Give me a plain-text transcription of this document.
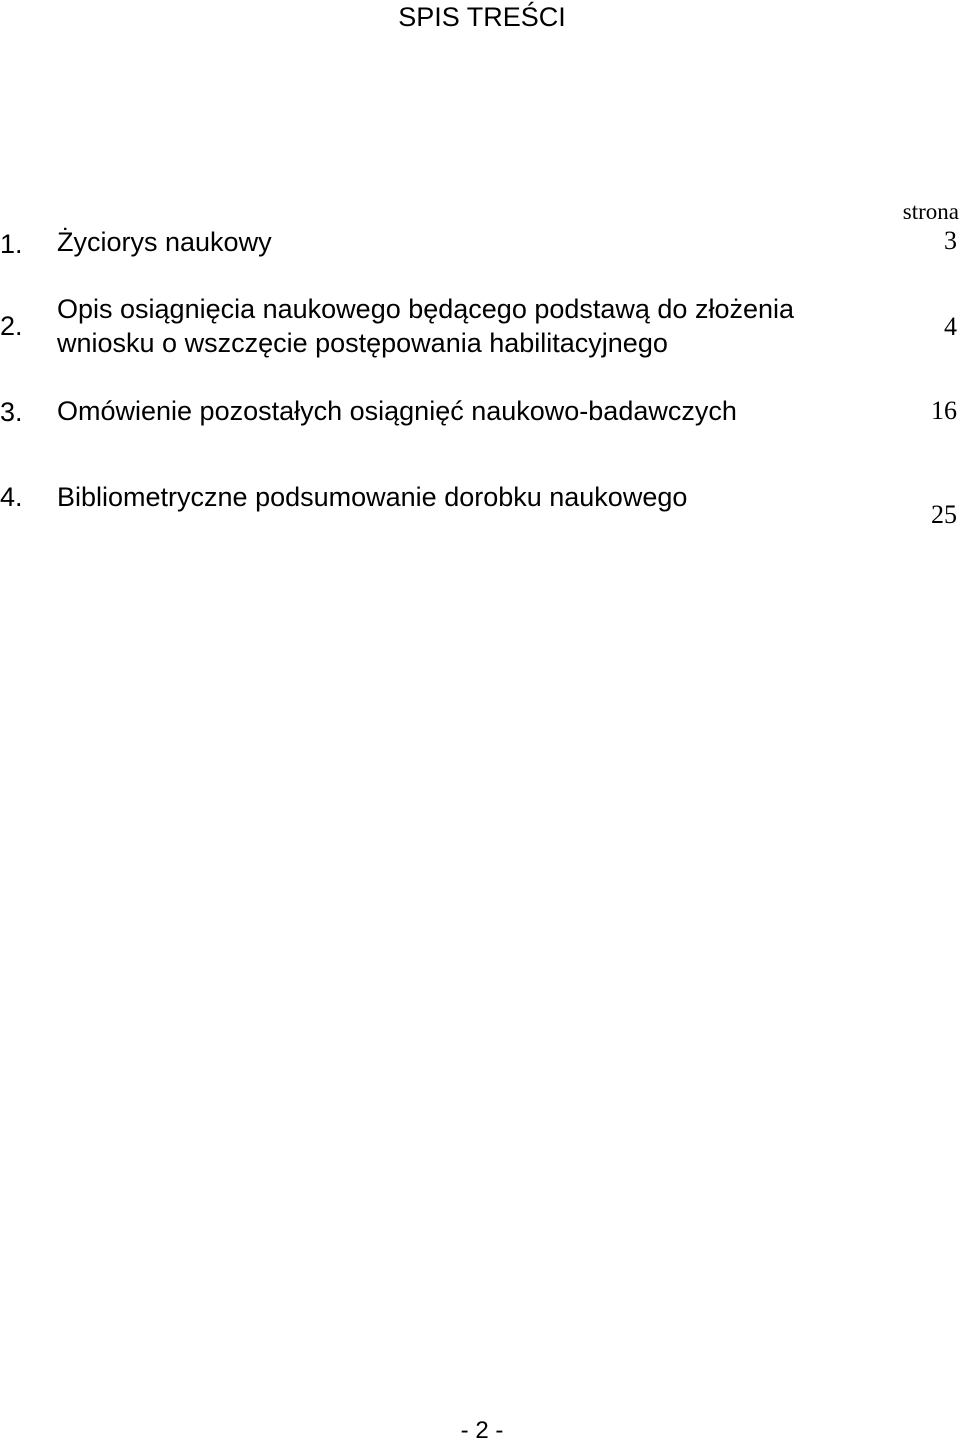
SPIS TREŚCI
strona
1. Życiorys naukowy	3
2.
Opis osiągnięcia naukowego będącego podstawą do złożenia
wniosku o wszczęcie postępowania habilitacyjnego
4
3. Omówienie pozostałych osiągnięć naukowo-badawczych	16
4. Bibliometryczne podsumowanie dorobku naukowego
25
- 2 -
